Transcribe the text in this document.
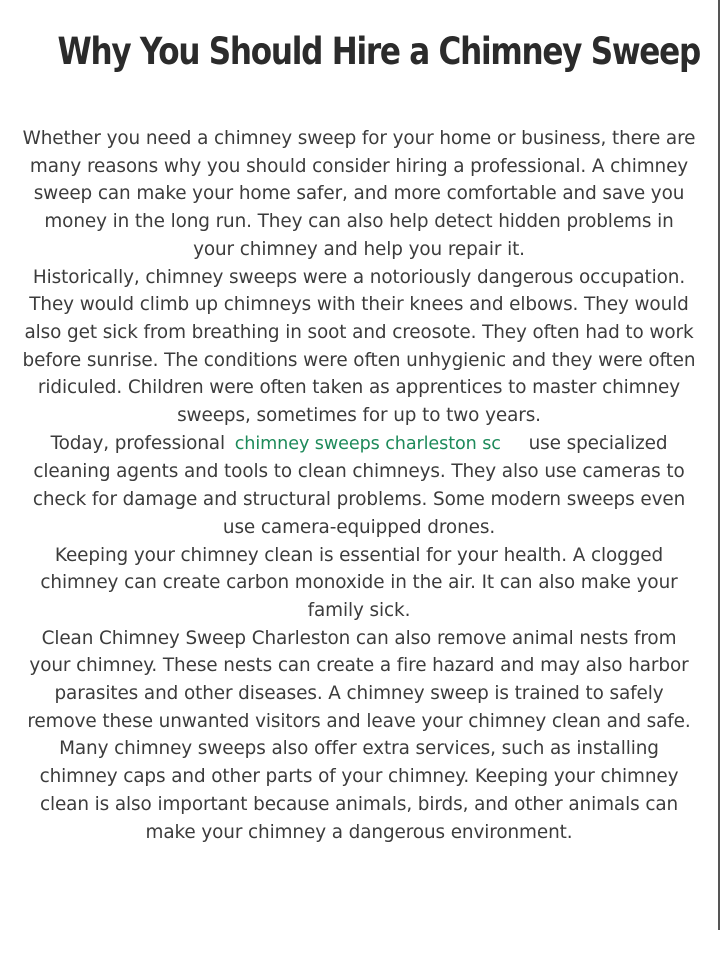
Why You Should Hire a Chimney Sweep

Whether you need a chimney sweep for your home or business, there are many reasons why you should consider hiring a professional. A chimney sweep can make your home safer, and more comfortable and save you money in the long run. They can also help detect hidden problems in your chimney and help you repair it.

Historically, chimney sweeps were a notoriously dangerous occupation. They would climb up chimneys with their knees and elbows. They would also get sick from breathing in soot and creosote. They often had to work before sunrise. The conditions were often unhygienic and they were often ridiculed. Children were often taken as apprentices to master chimney sweeps, sometimes for up to two years.

Today, professional chimney sweeps charleston sc use specialized cleaning agents and tools to clean chimneys. They also use cameras to check for damage and structural problems. Some modern sweeps even use camera-equipped drones.

Keeping your chimney clean is essential for your health. A clogged chimney can create carbon monoxide in the air. It can also make your family sick.

Clean Chimney Sweep Charleston can also remove animal nests from your chimney. These nests can create a fire hazard and may also harbor parasites and other diseases. A chimney sweep is trained to safely remove these unwanted visitors and leave your chimney clean and safe.

Many chimney sweeps also offer extra services, such as installing chimney caps and other parts of your chimney. Keeping your chimney clean is also important because animals, birds, and other animals can make your chimney a dangerous environment.
